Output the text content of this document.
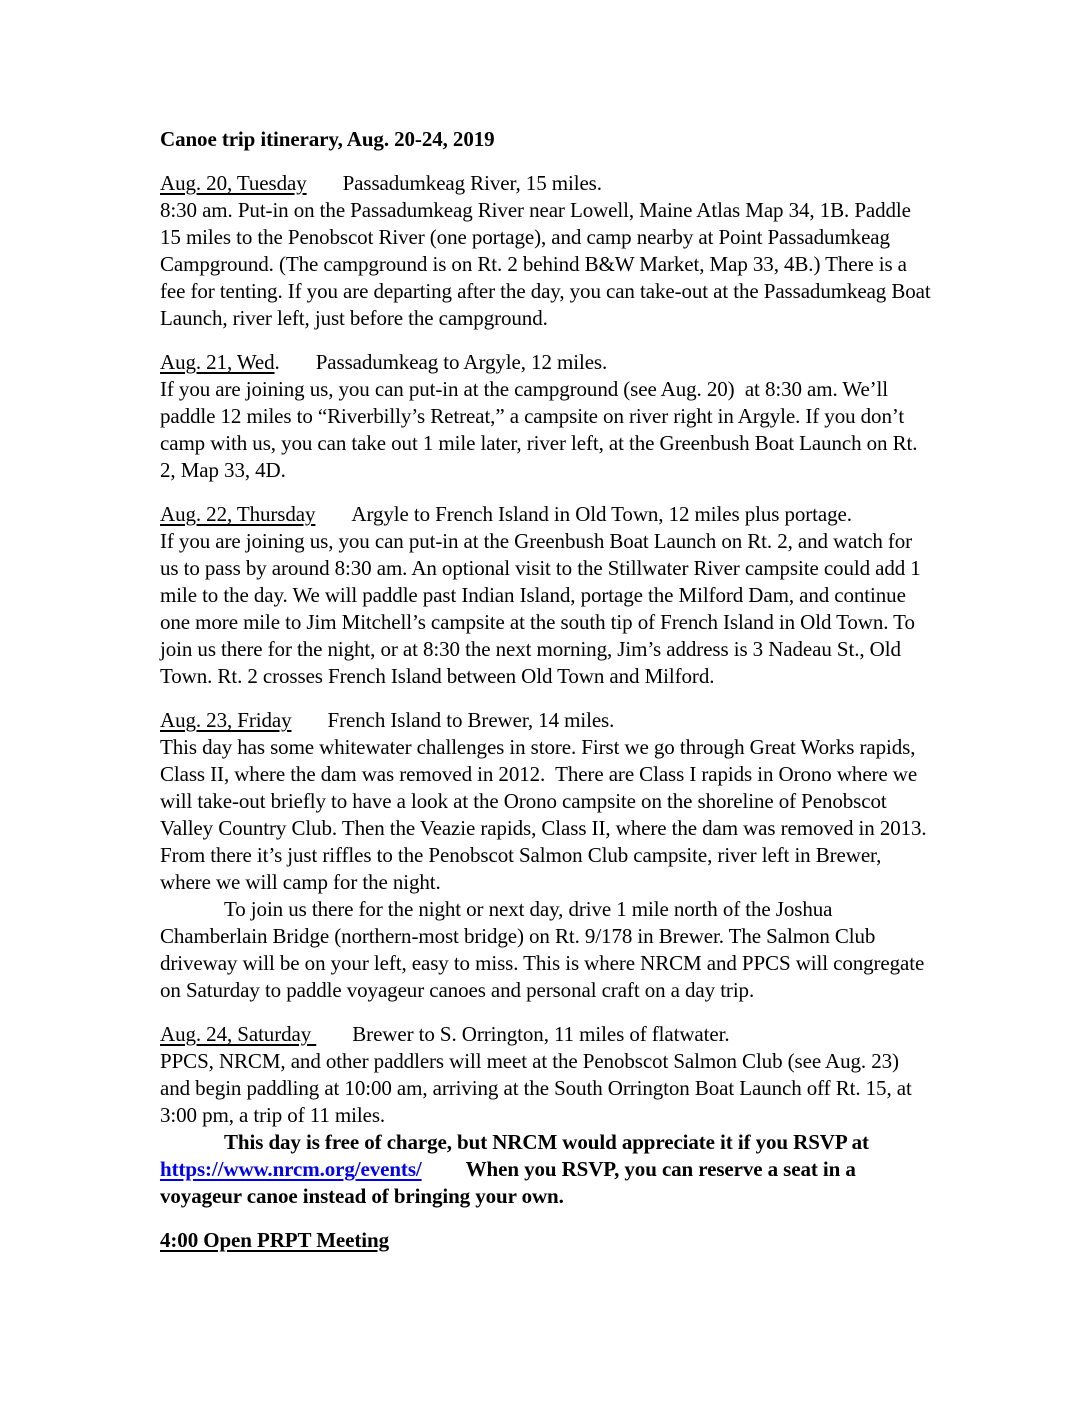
Canoe trip itinerary, Aug. 20-24, 2019

Aug. 20, Tuesday Passadumkeag River, 15 miles.

8:30 am. Put-in on the Passadumkeag River near Lowell, Maine Atlas Map 34, 1B. Paddle 15 miles to the Penobscot River (one portage), and camp nearby at Point Passadumkeag Campground. (The campground is on Rt. 2 behind B&W Market, Map 33, 4B.) There is a fee for tenting. If you are departing after the day, you can take-out at the Passadumkeag Boat Launch, river left, just before the campground.

Aug. 21, Wed. Passadumkeag to Argyle, 12 miles.

If you are joining us, you can put-in at the campground (see Aug. 20)  at 8:30 am. We’ll paddle 12 miles to “Riverbilly’s Retreat,” a campsite on river right in Argyle. If you don’t camp with us, you can take out 1 mile later, river left, at the Greenbush Boat Launch on Rt. 2, Map 33, 4D.

Aug. 22, Thursday Argyle to French Island in Old Town, 12 miles plus portage.

If you are joining us, you can put-in at the Greenbush Boat Launch on Rt. 2, and watch for us to pass by around 8:30 am. An optional visit to the Stillwater River campsite could add 1 mile to the day. We will paddle past Indian Island, portage the Milford Dam, and continue one more mile to Jim Mitchell’s campsite at the south tip of French Island in Old Town. To join us there for the night, or at 8:30 the next morning, Jim’s address is 3 Nadeau St., Old Town. Rt. 2 crosses French Island between Old Town and Milford.

Aug. 23, Friday French Island to Brewer, 14 miles.

This day has some whitewater challenges in store. First we go through Great Works rapids, Class II, where the dam was removed in 2012.  There are Class I rapids in Orono where we will take-out briefly to have a look at the Orono campsite on the shoreline of Penobscot Valley Country Club. Then the Veazie rapids, Class II, where the dam was removed in 2013. From there it’s just riffles to the Penobscot Salmon Club campsite, river left in Brewer, where we will camp for the night.

To join us there for the night or next day, drive 1 mile north of the Joshua Chamberlain Bridge (northern-most bridge) on Rt. 9/178 in Brewer. The Salmon Club driveway will be on your left, easy to miss. This is where NRCM and PPCS will congregate on Saturday to paddle voyageur canoes and personal craft on a day trip.

Aug. 24, Saturday Brewer to S. Orrington, 11 miles of flatwater.

PPCS, NRCM, and other paddlers will meet at the Penobscot Salmon Club (see Aug. 23) and begin paddling at 10:00 am, arriving at the South Orrington Boat Launch off Rt. 15, at 3:00 pm, a trip of 11 miles.

This day is free of charge, but NRCM would appreciate it if you RSVP at

https://www.nrcm.org/events/ When you RSVP, you can reserve a seat in a voyageur canoe instead of bringing your own.

4:00 Open PRPT Meeting
